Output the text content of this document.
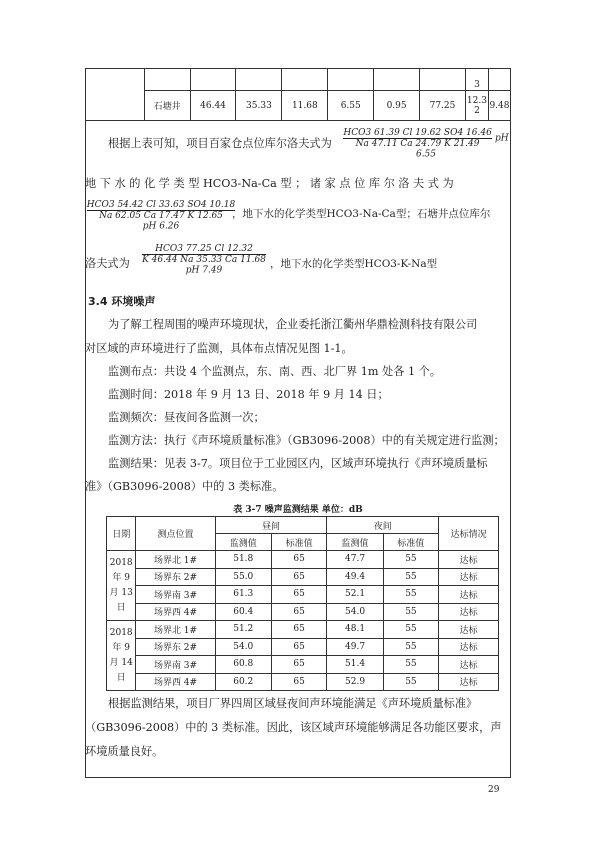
								3	
	石塘井	46.44	35.33	11.68	6.55	0.95	77.25	12.3
2	9.48
根据上表可知，项目百家仓点位库尔洛夫式为
HCO3 61.39 Cl 19.62 SO4 16.46
Na 47.11 Ca 24.79 K 21.49
pH 6.55
地 下 水 的 化 学 类 型 HCO3-Na-Ca 型 ； 诸 家 点 位 库 尔 洛 夫 式 为
HCO3 54.42 Cl 33.63 SO4 10.18
Na 62.05 Ca 17.47 K 12.65
pH 6.26
，地下水的化学类型HCO3-Na-Ca型；石塘井点位库尔
洛夫式为
HCO3 77.25 Cl 12.32
K 46.44 Na 35.33 Ca 11.68
pH 7.49
，地下水的化学类型HCO3-K-Na型
3.4 环境噪声
为了解工程周围的噪声环境现状，企业委托浙江衢州华鼎检测科技有限公司
对区域的声环境进行了监测，具体布点情况见图 1-1。
监测布点：共设 4 个监测点，东、南、西、北厂界 1m 处各 1 个。
监测时间：2018 年 9 月 13 日、2018 年 9 月 14 日；
监测频次：昼夜间各监测一次；
监测方法：执行《声环境质量标准》（GB3096-2008）中的有关规定进行监测；
监测结果：见表 3-7。项目位于工业园区内，区域声环境执行《声环境质量标
准》（GB3096-2008）中的 3 类标准。
表 3-7 噪声监测结果 单位：dB
日期	测点位置	昼间		夜间		达标情况
		监测值	标准值	监测值	标准值	
2018
年 9
月 13
日	场界北 1#	51.8	65	47.7	55	达标
	场界东 2#	55.0	65	49.4	55	达标
	场界南 3#	61.3	65	52.1	55	达标
	场界西 4#	60.4	65	54.0	55	达标
2018
年 9
月 14
日	场界北 1#	51.2	65	48.1	55	达标
	场界东 2#	54.0	65	49.7	55	达标
	场界南 3#	60.8	65	51.4	55	达标
	场界西 4#	60.2	65	52.9	55	达标
根据监测结果，项目厂界四周区域昼夜间声环境能满足《声环境质量标准》
（GB3096-2008）中的 3 类标准。因此，该区域声环境能够满足各功能区要求，声
环境质量良好。
29
